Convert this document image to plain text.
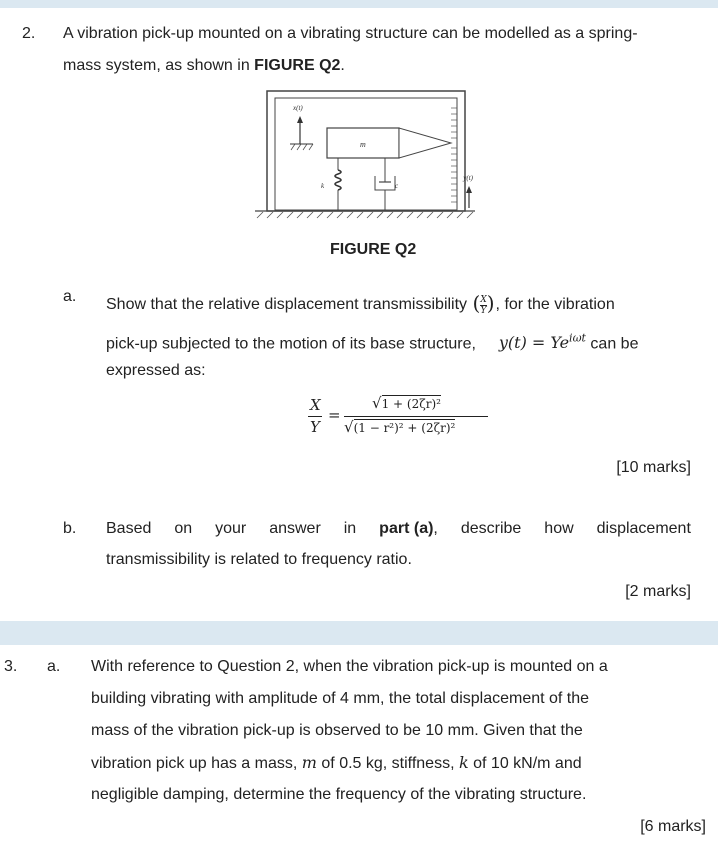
2. A vibration pick-up mounted on a vibrating structure can be modelled as a spring-
mass system, as shown in FIGURE Q2.
x(t)
m
k	c
y(t)
FIGURE Q2
a. Show that the relative displacement transmissibility ( $\frac{X}{Y}$ ), for the vibration
pick-up subjected to the motion of its base structure, $y(t) = Ye^{i\omega t}$ can be
expressed as:
X
Y
=
√1 + (2ζr)²
√(1 − r²)² + (2ζr)²
[10 marks]
b. Based on your answer in part (a), describe how displacement
transmissibility is related to frequency ratio.
[2 marks]
3. a. With reference to Question 2, when the vibration pick-up is mounted on a
building vibrating with amplitude of 4 mm, the total displacement of the
mass of the vibration pick-up is observed to be 10 mm. Given that the
vibration pick up has a mass, m of 0.5 kg, stiffness, k of 10 kN/m and
negligible damping, determine the frequency of the vibrating structure.
[6 marks]
